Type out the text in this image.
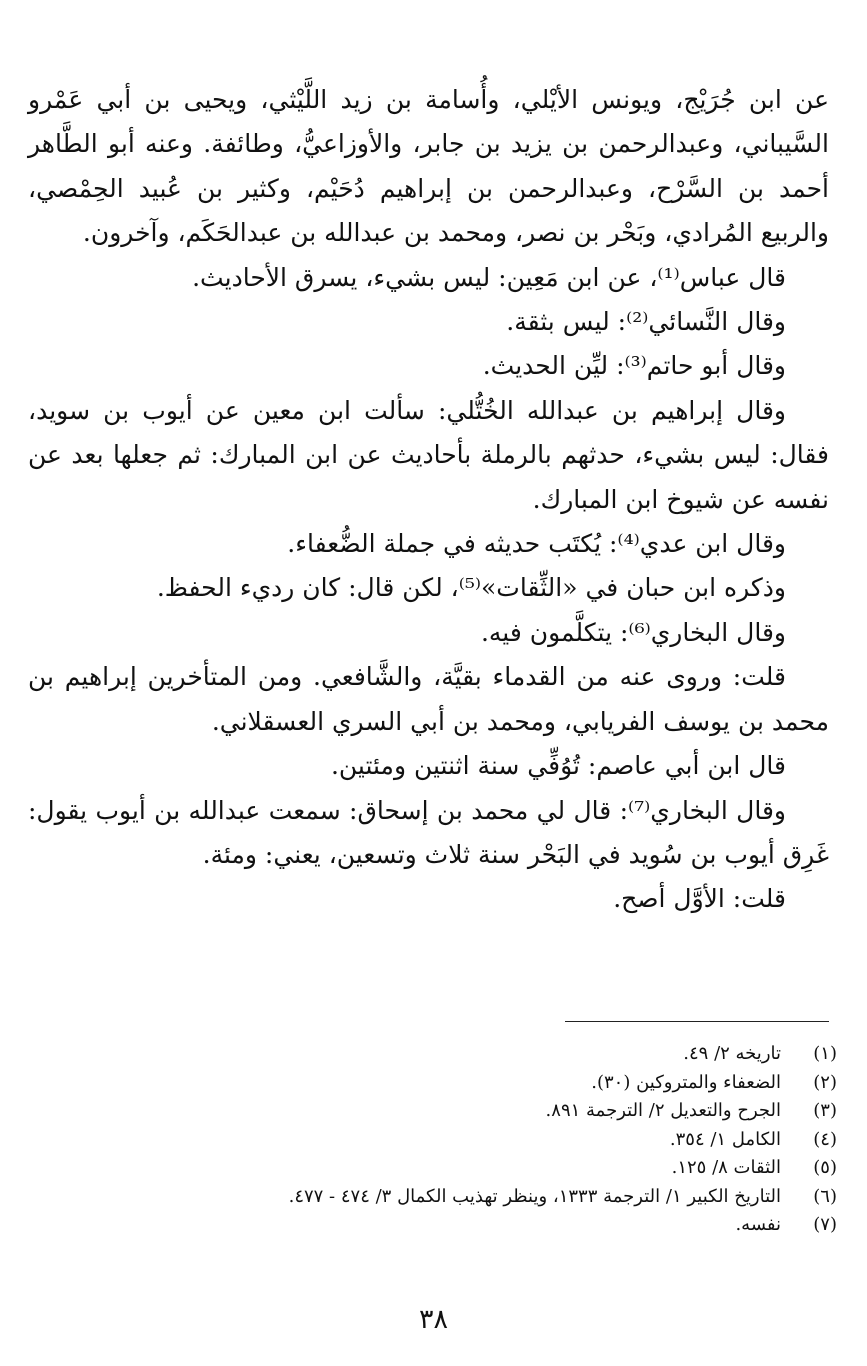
عن ابن جُرَيْج، ويونس الأيْلي، وأُسامة بن زيد اللَّيْثي، ويحيى بن أبي عَمْرو السَّيباني، وعبدالرحمن بن يزيد بن جابر، والأوزاعيُّ، وطائفة. وعنه أبو الطَّاهر أحمد بن السَّرْح، وعبدالرحمن بن إبراهيم دُحَيْم، وكثير بن عُبيد الحِمْصي، والربيع المُرادي، وبَحْر بن نصر، ومحمد بن عبدالله بن عبدالحَكَم، وآخرون.

قال عباس⁽¹⁾، عن ابن مَعِين: ليس بشيء، يسرق الأحاديث.

وقال النَّسائي⁽²⁾: ليس بثقة.

وقال أبو حاتم⁽³⁾: ليِّن الحديث.

وقال إبراهيم بن عبدالله الخُتُّلي: سألت ابن معين عن أيوب بن سويد، فقال: ليس بشيء، حدثهم بالرملة بأحاديث عن ابن المبارك: ثم جعلها بعد عن نفسه عن شيوخ ابن المبارك.

وقال ابن عدي⁽⁴⁾: يُكتَب حديثه في جملة الضُّعفاء.

وذكره ابن حبان في «الثِّقات»⁽⁵⁾، لكن قال: كان رديء الحفظ.

وقال البخاري⁽⁶⁾: يتكلَّمون فيه.

قلت: وروى عنه من القدماء بقيَّة، والشَّافعي. ومن المتأخرين إبراهيم بن محمد بن يوسف الفريابي، ومحمد بن أبي السري العسقلاني.

قال ابن أبي عاصم: تُوُفِّي سنة اثنتين ومئتين.

وقال البخاري⁽⁷⁾: قال لي محمد بن إسحاق: سمعت عبدالله بن أيوب يقول: غَرِق أيوب بن سُويد في البَحْر سنة ثلاث وتسعين، يعني: ومئة.

قلت: الأوَّل أصح.

(١)
تاريخه ٢/ ٤٩.
(٢)
الضعفاء والمتروكين (٣٠).
(٣)
الجرح والتعديل ٢/ الترجمة ٨٩١.
(٤)
الكامل ١/ ٣٥٤.
(٥)
الثقات ٨/ ١٢٥.
(٦)
التاريخ الكبير ١/ الترجمة ١٣٣٣، وينظر تهذيب الكمال ٣/ ٤٧٤ - ٤٧٧.
(٧)
نفسه.
٣٨
